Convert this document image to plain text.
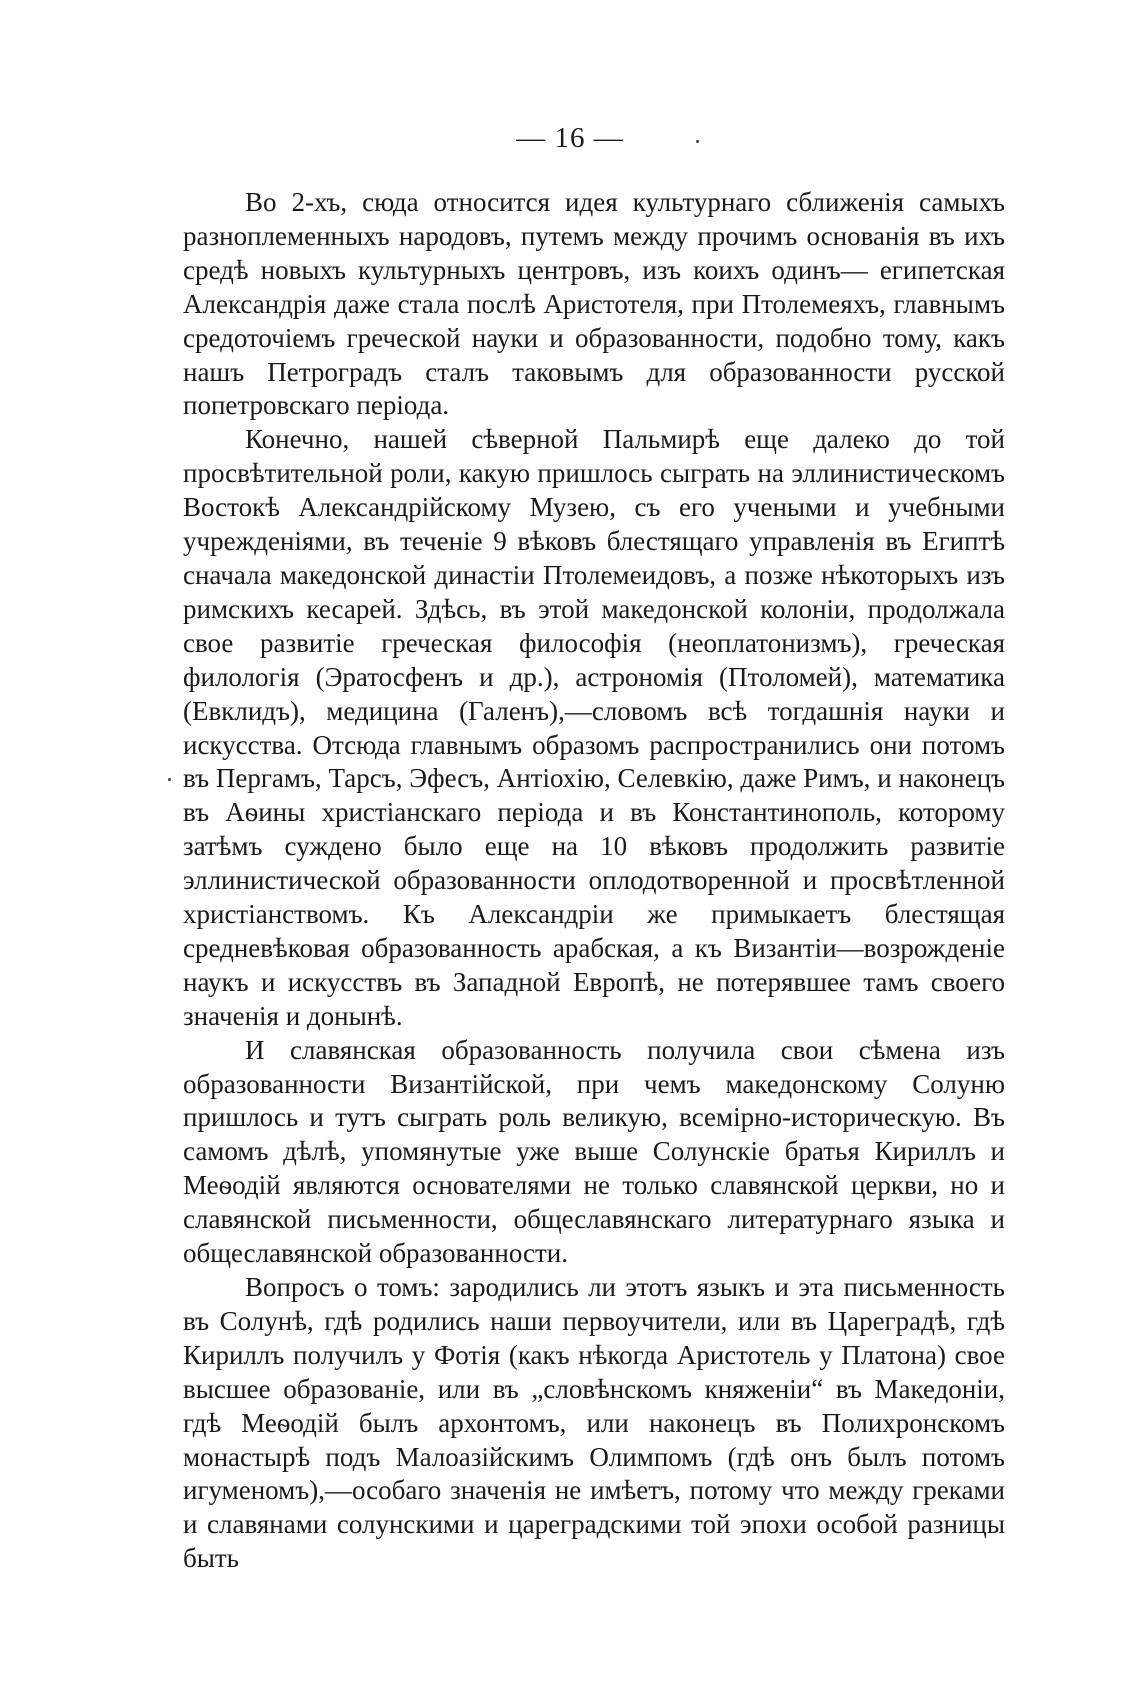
— 16 —

Во 2-хъ, сюда относится идея культурнаго сближенія самыхъ разноплеменныхъ народовъ, путемъ между прочимъ основанія въ ихъ средѣ новыхъ культурныхъ центровъ, изъ коихъ одинъ— египетская Александрія даже стала послѣ Аристотеля, при Птолемеяхъ, главнымъ средоточіемъ греческой науки и образованности, подобно тому, какъ нашъ Петроградъ сталъ таковымъ для образованности русской попетровскаго періода.

Конечно, нашей сѣверной Пальмирѣ еще далеко до той просвѣтительной роли, какую пришлось сыграть на эллинистическомъ Востокѣ Александрійскому Музею, съ его учеными и учебными учрежденіями, въ теченіе 9 вѣковъ блестящаго управленія въ Египтѣ сначала македонской династіи Птолемеидовъ, а позже нѣкоторыхъ изъ римскихъ кесарей. Здѣсь, въ этой македонской колоніи, продолжала свое развитіе греческая философія (неоплатонизмъ), греческая филологія (Эратосфенъ и др.), астрономія (Птоломей), математика (Евклидъ), медицина (Галенъ),—словомъ всѣ тогдашнія науки и искусства. Отсюда главнымъ образомъ распространились они потомъ въ Пергамъ, Тарсъ, Эфесъ, Антіохію, Селевкію, даже Римъ, и наконецъ въ Аѳины христіанскаго періода и въ Константинополь, которому затѣмъ суждено было еще на 10 вѣковъ продолжить развитіе эллинистической образованности оплодотворенной и просвѣтленной христіанствомъ. Къ Александріи же примыкаетъ блестящая средневѣковая образованность арабская, а къ Византіи—возрожденіе наукъ и искусствъ въ Западной Европѣ, не потерявшее тамъ своего значенія и донынѣ.

И славянская образованность получила свои сѣмена изъ образованности Византійской, при чемъ македонскому Солуню пришлось и тутъ сыграть роль великую, всемірно-историческую. Въ самомъ дѣлѣ, упомянутые уже выше Солунскіе братья Кириллъ и Меѳодій являются основателями не только славянской церкви, но и славянской письменности, общеславянскаго литературнаго языка и общеславянской образованности.

Вопросъ о томъ: зародились ли этотъ языкъ и эта письменность въ Солунѣ, гдѣ родились наши первоучители, или въ Цареградѣ, гдѣ Кириллъ получилъ у Фотія (какъ нѣкогда Аристотель у Платона) свое высшее образованіе, или въ „словѣнскомъ княженіи“ въ Македоніи, гдѣ Меѳодій былъ архонтомъ, или наконецъ въ Полихронскомъ монастырѣ подъ Малоазійскимъ Олимпомъ (гдѣ онъ былъ потомъ игуменомъ),—особаго значенія не имѣетъ, потому что между греками и славянами солунскими и цареградскими той эпохи особой разницы быть
